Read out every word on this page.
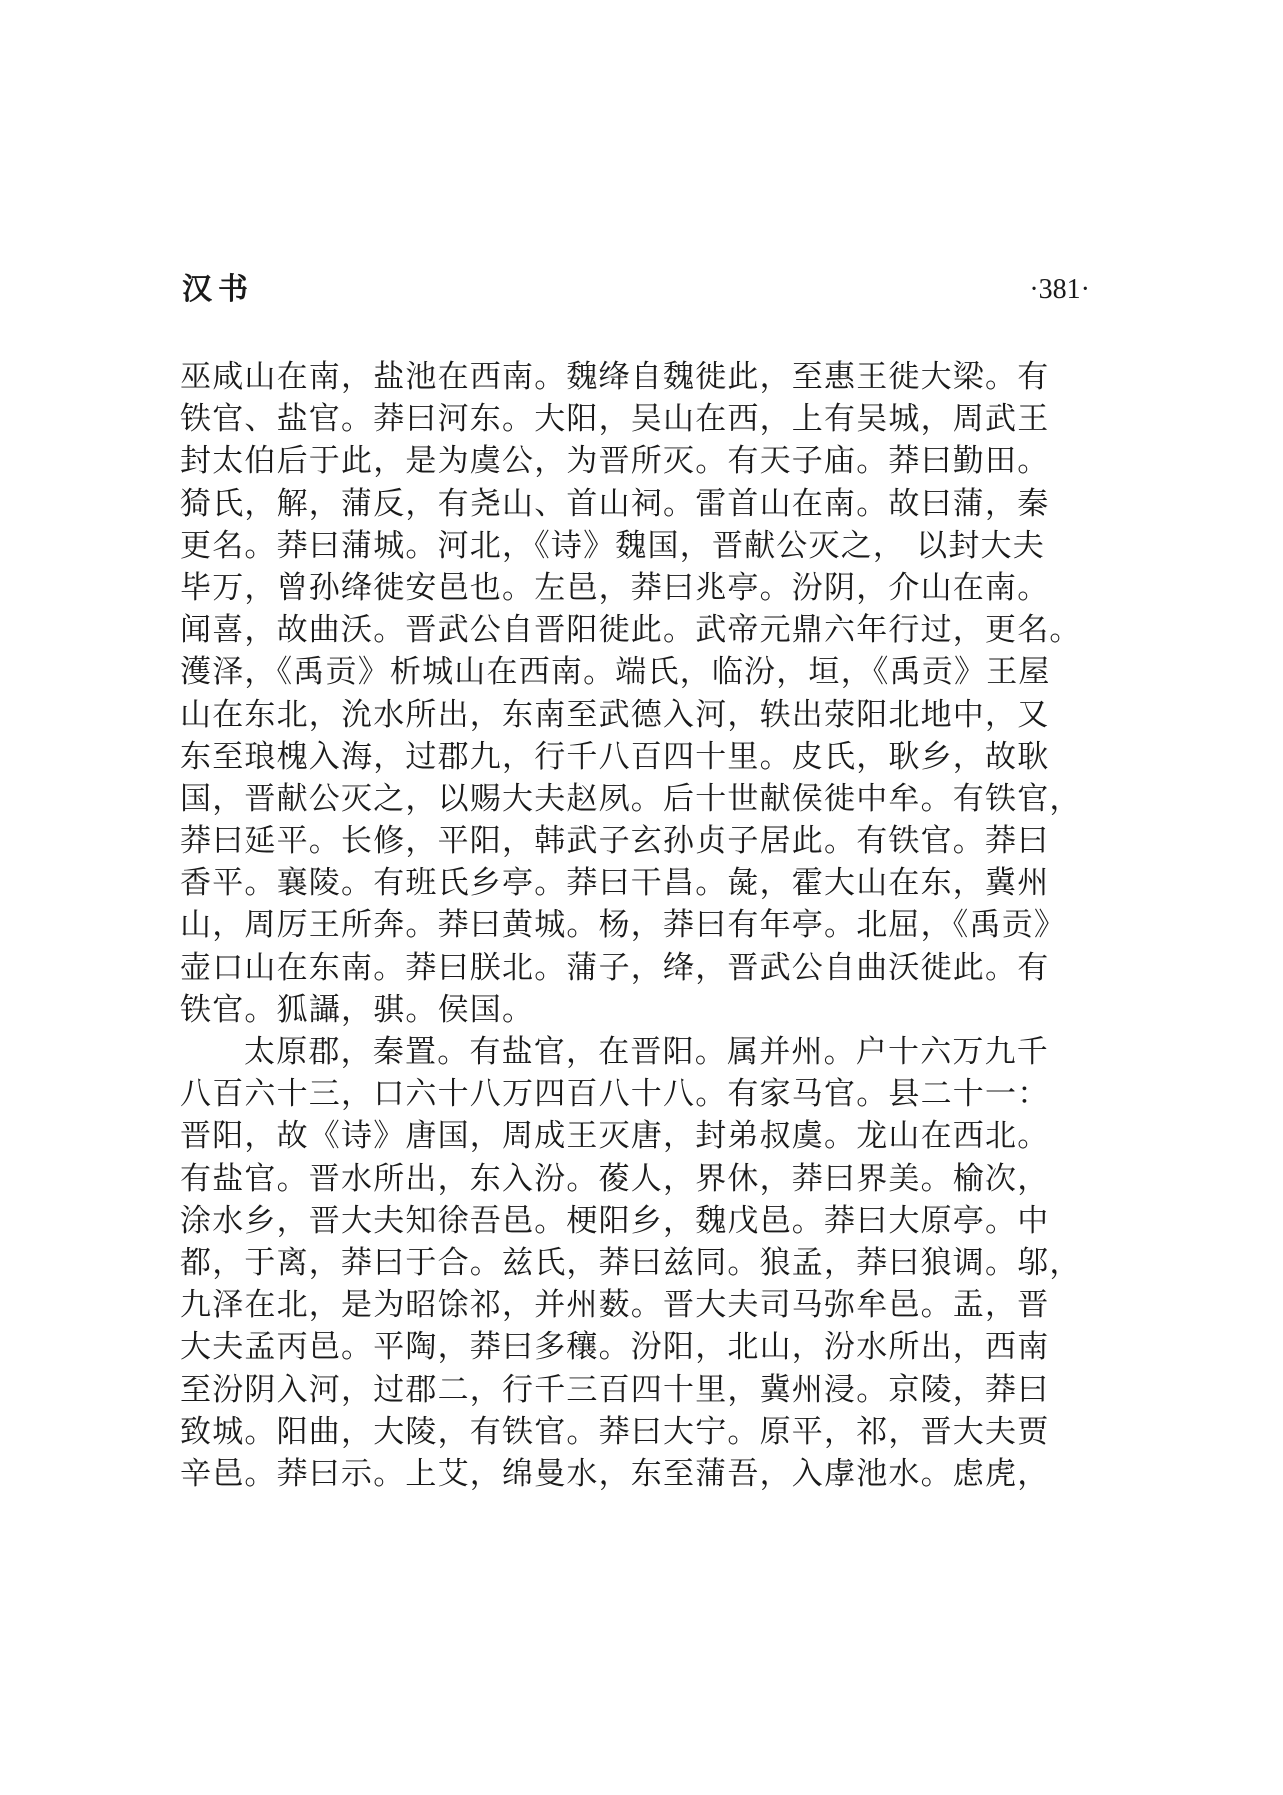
汉书	·381·
巫咸山在南，盐池在西南。魏绛自魏徙此，至惠王徙大梁。有
铁官、盐官。莽曰河东。大阳，吴山在西，上有吴城，周武王
封太伯后于此，是为虞公，为晋所灭。有天子庙。莽曰勤田。
猗氏，解，蒲反，有尧山、首山祠。雷首山在南。故曰蒲，秦
更名。莽曰蒲城。河北，《诗》魏国，晋献公灭之， 以封大夫
毕万，曾孙绛徙安邑也。左邑，莽曰兆亭。汾阴，介山在南。
闻喜，故曲沃。晋武公自晋阳徙此。武帝元鼎六年行过，更名。
濩泽，《禹贡》析城山在西南。端氏，临汾，垣，《禹贡》王屋
山在东北，沇水所出，东南至武德入河，轶出荥阳北地中，又
东至琅槐入海，过郡九，行千八百四十里。皮氏，耿乡，故耿
国，晋献公灭之，以赐大夫赵夙。后十世献侯徙中牟。有铁官，
莽曰延平。长修，平阳，韩武子玄孙贞子居此。有铁官。莽曰
香平。襄陵。有班氏乡亭。莽曰干昌。彘，霍大山在东，冀州
山，周厉王所奔。莽曰黄城。杨，莽曰有年亭。北屈，《禹贡》
壶口山在东南。莽曰朕北。蒲子，绛，晋武公自曲沃徙此。有
铁官。狐讘，骐。侯国。
太原郡，秦置。有盐官，在晋阳。属并州。户十六万九千
八百六十三，口六十八万四百八十八。有家马官。县二十一：
晋阳，故《诗》唐国，周成王灭唐，封弟叔虞。龙山在西北。
有盐官。晋水所出，东入汾。葰人，界休，莽曰界美。榆次，
涂水乡，晋大夫知徐吾邑。梗阳乡，魏戊邑。莽曰大原亭。中
都，于离，莽曰于合。兹氏，莽曰兹同。狼孟，莽曰狼调。邬，
九泽在北，是为昭馀祁，并州薮。晋大夫司马弥牟邑。盂，晋
大夫孟丙邑。平陶，莽曰多穰。汾阳，北山，汾水所出，西南
至汾阴入河，过郡二，行千三百四十里，冀州浸。京陵，莽曰
致城。阳曲，大陵，有铁官。莽曰大宁。原平，祁，晋大夫贾
辛邑。莽曰示。上艾，绵曼水，东至蒲吾，入虖池水。虑虎，
